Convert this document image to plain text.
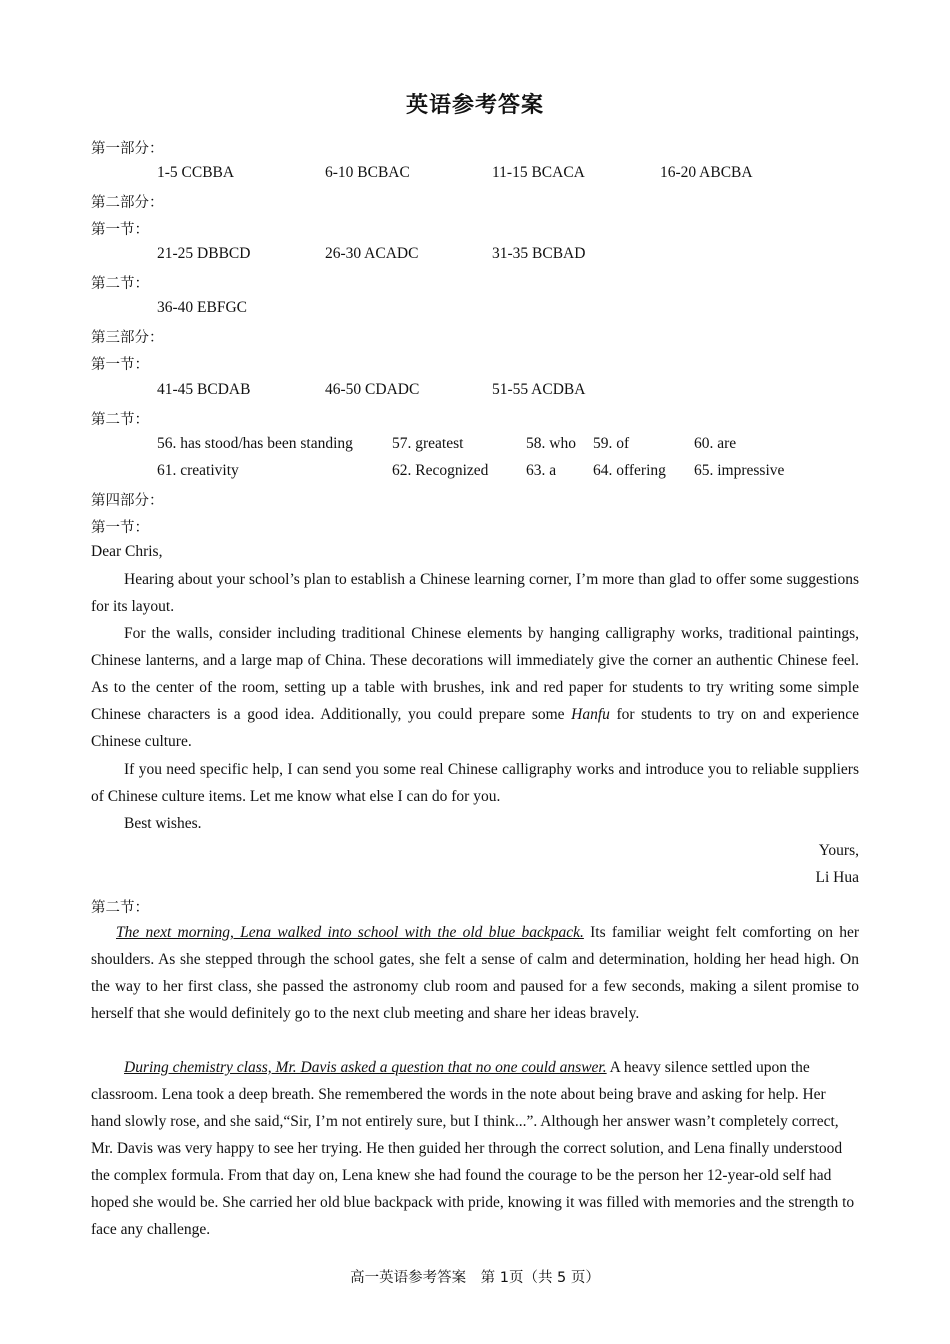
英语参考答案
第一部分：
1-5 CCBBA	6-10 BCBAC	11-15 BCACA	16-20 ABCBA
第二部分：
第一节：
21-25 DBBCD	26-30 ACADC	31-35 BCBAD
第二节：
36-40 EBFGC
第三部分：
第一节：
41-45 BCDAB	46-50 CDADC	51-55 ACDBA
第二节：
56. has stood/has been standing	57. greatest	58. who 59. of	60. are
61. creativity	62. Recognized 63. a 64. offering 65. impressive
第四部分：
第一节：
Dear Chris,

Hearing about your school’s plan to establish a Chinese learning corner, I’m more than glad to offer some suggestions for its layout.

For the walls, consider including traditional Chinese elements by hanging calligraphy works, traditional paintings, Chinese lanterns, and a large map of China. These decorations will immediately give the corner an authentic Chinese feel. As to the center of the room, setting up a table with brushes, ink and red paper for students to try writing some simple Chinese characters is a good idea. Additionally, you could prepare some Hanfu for students to try on and experience Chinese culture.

If you need specific help, I can send you some real Chinese calligraphy works and introduce you to reliable suppliers of Chinese culture items. Let me know what else I can do for you.

Best wishes.
Yours,
Li Hua
第二节：

The next morning, Lena walked into school with the old blue backpack. Its familiar weight felt comforting on her shoulders. As she stepped through the school gates, she felt a sense of calm and determination, holding her head high. On the way to her first class, she passed the astronomy club room and paused for a few seconds, making a silent promise to herself that she would definitely go to the next club meeting and share her ideas bravely.

During chemistry class, Mr. Davis asked a question that no one could answer. A heavy silence settled upon the classroom. Lena took a deep breath. She remembered the words in the note about being brave and asking for help. Her hand slowly rose, and she said,“Sir, I’m not entirely sure, but I think...”. Although her answer wasn’t completely correct, Mr. Davis was very happy to see her trying. He then guided her through the correct solution, and Lena finally understood the complex formula. From that day on, Lena knew she had found the courage to be the person her 12-year-old self had hoped she would be. She carried her old blue backpack with pride, knowing it was filled with memories and the strength to face any challenge.

高一英语参考答案　第 1页（共 5 页）
